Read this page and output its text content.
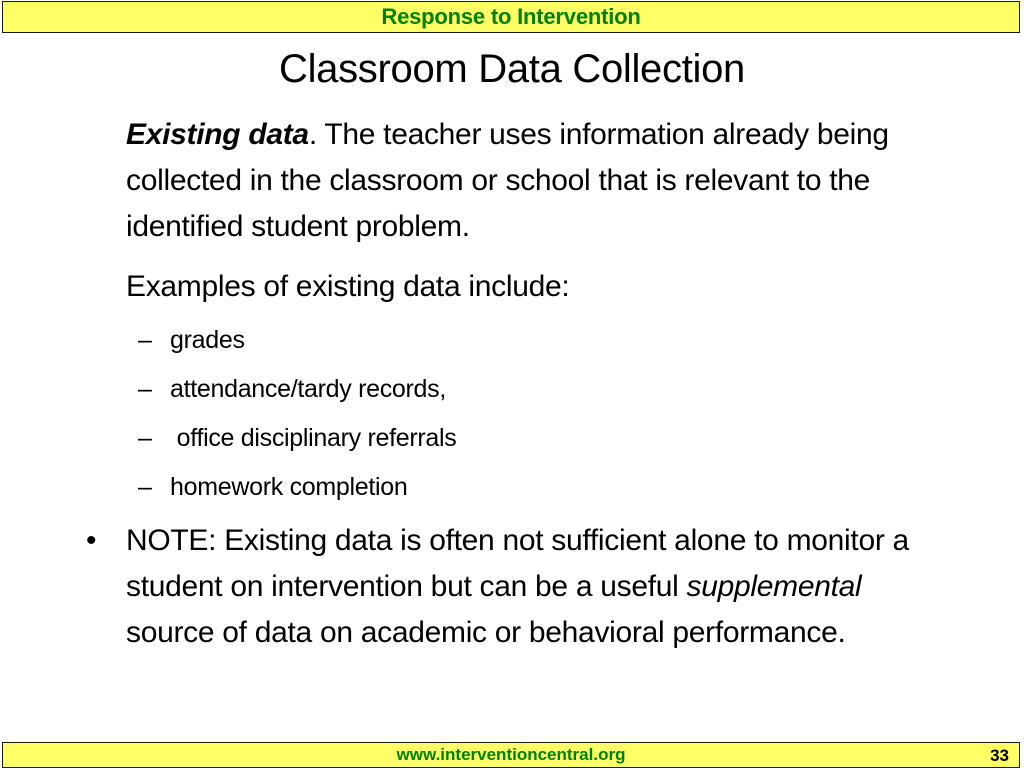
Response to Intervention
Classroom Data Collection
Existing data. The teacher uses information already being collected in the classroom or school that is relevant to the identified student problem.
Examples of existing data include:
– grades
– attendance/tardy records,
– office disciplinary referrals
– homework completion
• NOTE: Existing data is often not sufficient alone to monitor a student on intervention but can be a useful supplemental source of data on academic or behavioral performance.
www.interventioncentral.org	33
